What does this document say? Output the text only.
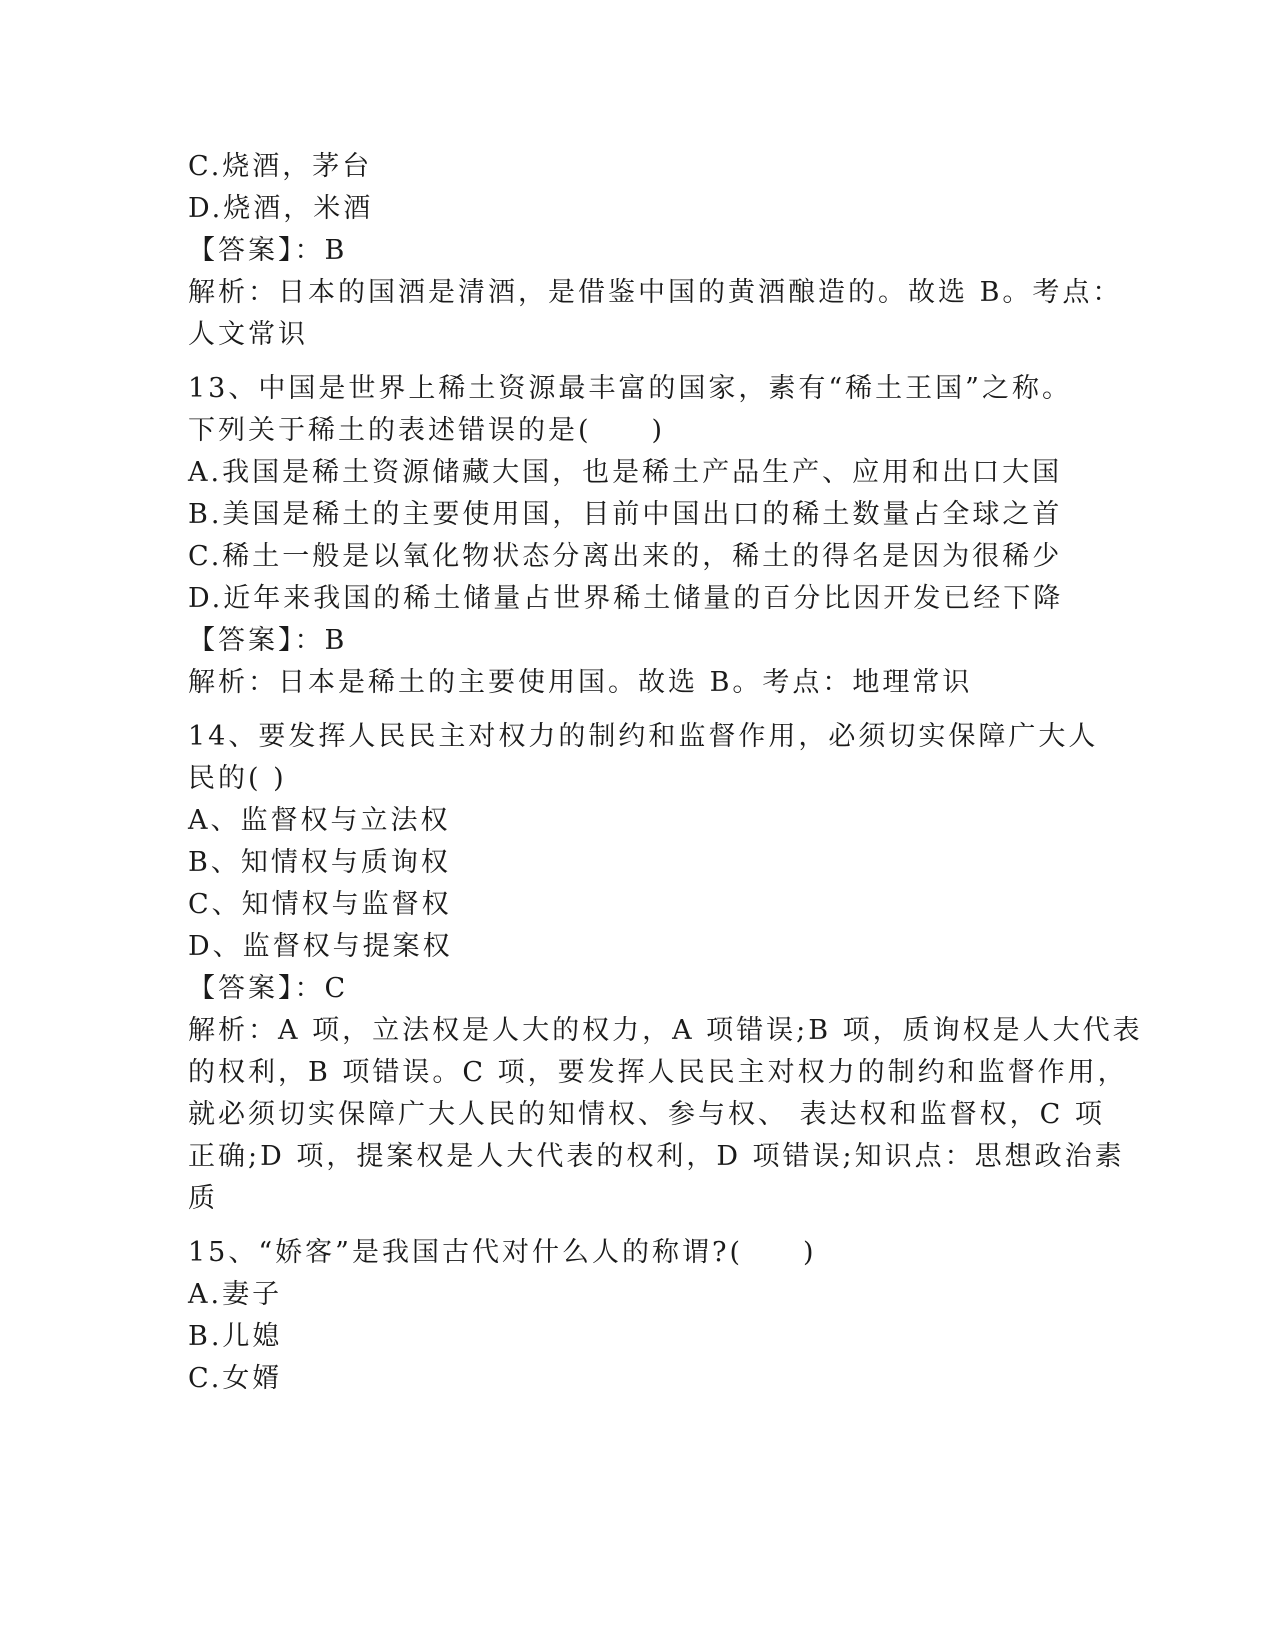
C.烧酒，茅台
D.烧酒，米酒
【答案】：B
解析：日本的国酒是清酒，是借鉴中国的黄酒酿造的。故选 B。考点：
人文常识
13、中国是世界上稀土资源最丰富的国家，素有“稀土王国”之称。
下列关于稀土的表述错误的是(　　)
A.我国是稀土资源储藏大国，也是稀土产品生产、应用和出口大国
B.美国是稀土的主要使用国，目前中国出口的稀土数量占全球之首
C.稀土一般是以氧化物状态分离出来的，稀土的得名是因为很稀少
D.近年来我国的稀土储量占世界稀土储量的百分比因开发已经下降
【答案】：B
解析：日本是稀土的主要使用国。故选 B。考点：地理常识
14、要发挥人民民主对权力的制约和监督作用，必须切实保障广大人
民的( )
A、监督权与立法权
B、知情权与质询权
C、知情权与监督权
D、监督权与提案权
【答案】：C
解析：A 项，立法权是人大的权力，A 项错误;B 项，质询权是人大代表
的权利，B 项错误。C 项，要发挥人民民主对权力的制约和监督作用，
就必须切实保障广大人民的知情权、参与权、 表达权和监督权，C 项
正确;D 项，提案权是人大代表的权利，D 项错误;知识点：思想政治素
质
15、“娇客”是我国古代对什么人的称谓?(　　)
A.妻子
B.儿媳
C.女婿
